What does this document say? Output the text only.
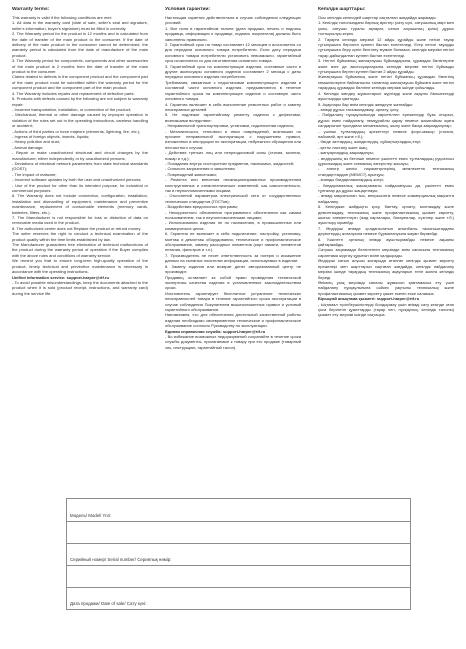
Warranty terms:

This warranty is valid if the following conditions are met:

1. All data in the warranty card (date of sale, seller's seal and signature, seller's information, buyer's signature) must be filled in correctly.

2. The Warranty period for the product is 12 months and is calculated from the date of transfer of the main product to the consumer. If the date of delivery of the main product to the consumer cannot be determined, the warranty period is calculated from the date of manufacture of the main product.

3. The Warranty period for components, components and other accessories of the main product is 2 months from the date of transfer of the main product to the consumer.

Claims related to defects in the component product and the component part of the main product must be submitted within the warranty period for the component product and the component part of the main product.

4. The Warranty includes repairs and replacement of defective parts.

5. Products with defects caused by the following are not subject to warranty repair:

- Incorrect transportation, installation, or connection of the product;

- Mechanical, thermal or other damage caused by improper operation in violation of the rules set out in the operating instructions, careless handling or accident;

- Actions of third parties or force majeure (elements, lightning, fire, etc.);

- Ingress of foreign objects, insects, liquids;

- Heavy pollution and dust;

- Animal damage;

- Repair or make unauthorized structural and circuit changes by the manufacturer, either independently or by unauthorized persons;

- Deviations of electrical network parameters from state technical standards (GOST);

- The impact of malware;

- Incorrect software updates by both the user and unauthorized persons;

- Use of the product for other than its intended purpose, for industrial or commercial purposes.

6. The Warranty does not include connection, configuration, installation, installation and dismantling of equipment, maintenance and preventive maintenance, replacement of consumable elements (memory cards, batteries, filters, etc.).

7. The Manufacturer is not responsible for loss or distortion of data on removable media used in the product.

8. The authorized center does not Replace the product or refund money.

The seller reserves the right to conduct a technical examination of the product quality within the time limits established by law.

The Manufacturer guarantees free elimination of technical malfunctions of the product during the warranty period of operation if the Buyer complies with the above rules and conditions of warranty service.

We remind you that to ensure long-term high-quality operation of the product, timely technical and preventive maintenance is necessary in accordance with the operating instructions.

Unified information service: support-harper@rtf.ru

- To avoid possible misunderstandings, keep the documents attached to the product when it is sold (product receipt, instructions, and warranty card) during the service life.

Условия гарантии:

Настоящая гарантия действительна в случае соблюдения следующих условий:

1. Все поля в гарантийном талоне (дата продажи, печать и подпись продавца, информация о продавце, подпись покупателя) должны быть заполнены правильно.

2. Гарантийный срок на товар составляет 12 месяцев и исчисляется со дня передачи основного товара потребителю. Если дату передачи основного товара потребителю установить невозможно, гарантийный срок исчисляется со дня изготовления основного товара.

3. Гарантийный срок на комплектующие изделия, составные части и другие аксессуары основного изделия составляет 2 месяца с даты передачи основного изделия потребителю.

Требования, связанные с недостатками комплектующего изделия и составной части основного изделия, предъявляются в течение гарантийного срока на комплектующее изделие и составную часть основного товара.

4. Гарантия включает в себя выполнение ремонтных работ и замену неисправных деталей.

5. Не подлежат гарантийному ремонту изделия с дефектами, возникшими вследствие:

- Неправильной транспортировки, установки, подключения изделия;

- Механического, теплового и иных повреждений, возникших по причине неправильной эксплуатации с нарушением правил, изложенных в инструкции по эксплуатации, небрежного обращения или несчастного случая;

- Действия третьих лиц или непреодолимой силы (стихия, молния, пожар и т.д.);

- Попадания внутрь посторонних предметов, насекомых, жидкостей;

- Сильного загрязнения и запыления;

- Повреждений животными;

- Ремонта или внесения несанкционированных производителем конструктивных и схемотехнических изменений, как самостоятельно, так и неуполномоченными лицами;

- Отклонений параметров электрической сети от государственных технических стандартов (ГОСТов);

- Воздействия вредоносных программ;

- Некорректного обновления программного обеспечения как самим пользователем, так и неуполномоченными лицами;

- Использования изделия не по назначению, в промышленных или коммерческих целях.

6. Гарантия не включает в себя подключение, настройку, установку, монтаж и демонтаж оборудования, техническое и профилактическое обслуживание, замену расходных элементов (карт памяти, элементов питания, фильтров и т.п.).

7. Производитель не несет ответственность за потерю и искажение данных на съемных носителях информации, используемых в изделии.

8. Замену изделия или возврат денег авторизованный центр не производит.

Продавец оставляет за собой право проведения технической экспертизы качества изделия в установленные законодательством сроки.

Изготовитель гарантирует бесплатное устранение технических неисправностей товара в течение гарантийного срока эксплуатации в случае соблюдения Покупателем вышеизложенных правил и условий гарантийного обслуживания.

Напоминаем, что для обеспечения длительной качественной работы изделия необходимо своевременное техническое и профилактическое обслуживание согласно Руководству по эксплуатации.

Единая справочная служба: support-harper@rtf.ru

- Во избежание возможных недоразумений сохраняйте в течение срока службы документы, прилагаемые к товару при его продаже (товарный чек, инструкцию, гарантийный талон).

Кепілдік шарттары:

Осы кепілдік келесідей шарттар сақталған жағдайда жарамды:

1. Кепілдік талонындағы барлық өрістер (сату күні, сатушының мөрі мен қолы, сатушы туралы ақпарат, сатып алушының қолы) дұрыс толтырылуы керек.

2. Тауарға кепілдік мерзімі 12 айды құрайды және негізгі тауар тұтынушыға берілген күннен бастап есептеледі. Егер негізгі тауарды тұтынушыға беру күнін белгілеу мүмкін болмаса, кепілдік мерзімі негізгі тауар дайындалған күннен бастап есептеледі.

3. Негізгі бұйымның жинақтаушы бұйымдарына, құрамдас бөліктеріне және өзге де аксессуарларына кепілдік мерзімі негізгі бұйымды тұтынушыға берген күннен бастап 2 айды құрайды.

Жинақтаушы бұйымның және негізгі бұйымның құрамдас бөлігінің кемшіліктеріне байланысты талаптар жинақтаушы бұйымға және негізгі тауардың құрамдас бөлігіне кепілдік мерзімі ішінде қойылады.

4. Кепілдік жөндеу жұмыстарын жүргізуді және ақаулы бөлшектерді ауыстыруды қамтиды.

5. Ақаулары бар өнім кепілдік жөндеуге жатпайды:

- өнімді дұрыс тасымалдамау, орнату, қосу;

- Пайдалану нұсқаулығында көрсетілген ережелерді бұза отырып, дұрыс емес пайдалану, немқұрайлы қарау немесе жазатайым оқиға салдарынан туындаған механикалық, жылу және басқа зақымданулар;

- үшінші тұлғалардың әрекеттері немесе форс-мажор (стихия, найзағай, өрт және т.б.);

- бөгде заттардың, жәндіктердің, сұйықтықтардың енуі;

- қатты ластану және шаң;

- жануарлардың зақымдануы;

- өндірушінің өз бетінше немесе уәкілетті емес тұлғалардың рұқсатсыз құрылымдық және схемалық өзгерістер жасауы;

- электр желісі параметрлерінің мемлекеттік техникалық стандарттардан (МЕМСТ) ауытқуы;

- зиянды бағдарламалардың әсері;

- бағдарламалық жасақтаманы пайдаланушы да, уәкілетті емес тұлғалар да дұрыс жаңартпауы;

- өнімді мақсатынан тыс, өнеркәсіптік немесе коммерциялық мақсатта пайдалану.

6. Кепілдікке жабдықты қосу, баптау, орнату, монтаждау және демонтаждау, техникалық және профилактикалық қызмет көрсету, шығыс элементтерін (жад карталары, батареялар, сүзгілер және т.б.) ауыстыру кірмейді.

7. Өндіруші өнімде қолданылатын алынбалы тасығыштардағы деректердің жоғалуына немесе бұрмалануына жауап бермейді.

8. Уәкілетті орталық өнімді ауыстырмайды немесе ақшаны қайтармайды.

Сатушы заңнамада белгіленген мерзімде өнім сапасына техникалық сараптама жүргізу құқығын өзіне қалдырады.

Өндіруші сатып алушы жоғарыда аталған кепілдік қызмет көрсету ережелері мен шарттарын сақтаған жағдайда, кепілдік пайдалану мерзімі ішінде тауардың техникалық ақауларын тегін жоюға кепілдік береді.

Өнімнің ұзақ мерзімді сапалы жұмысын қамтамасыз ету үшін пайдалану нұсқаулығына сәйкес уақтылы техникалық және профилактикалық қызмет көрсету қажет екенін еске саламыз.

Бірыңғай анықтама қызметі: support-harper@rtf.ru

- Ықтимал түсінбеушіліктерді болдырмау үшін өнімді сату кезінде оған қоса берілетін құжаттарды (тауар чегі, нұсқаулық, кепілдік талоны) қызмет ету мерзімі ішінде сақтаңыз.

Модель/ Model/ Үлгі:
Серийный номер/ Serial number/ Сериялық нөмір:
Дата продажи/ Date of sale/ Сату күні:
